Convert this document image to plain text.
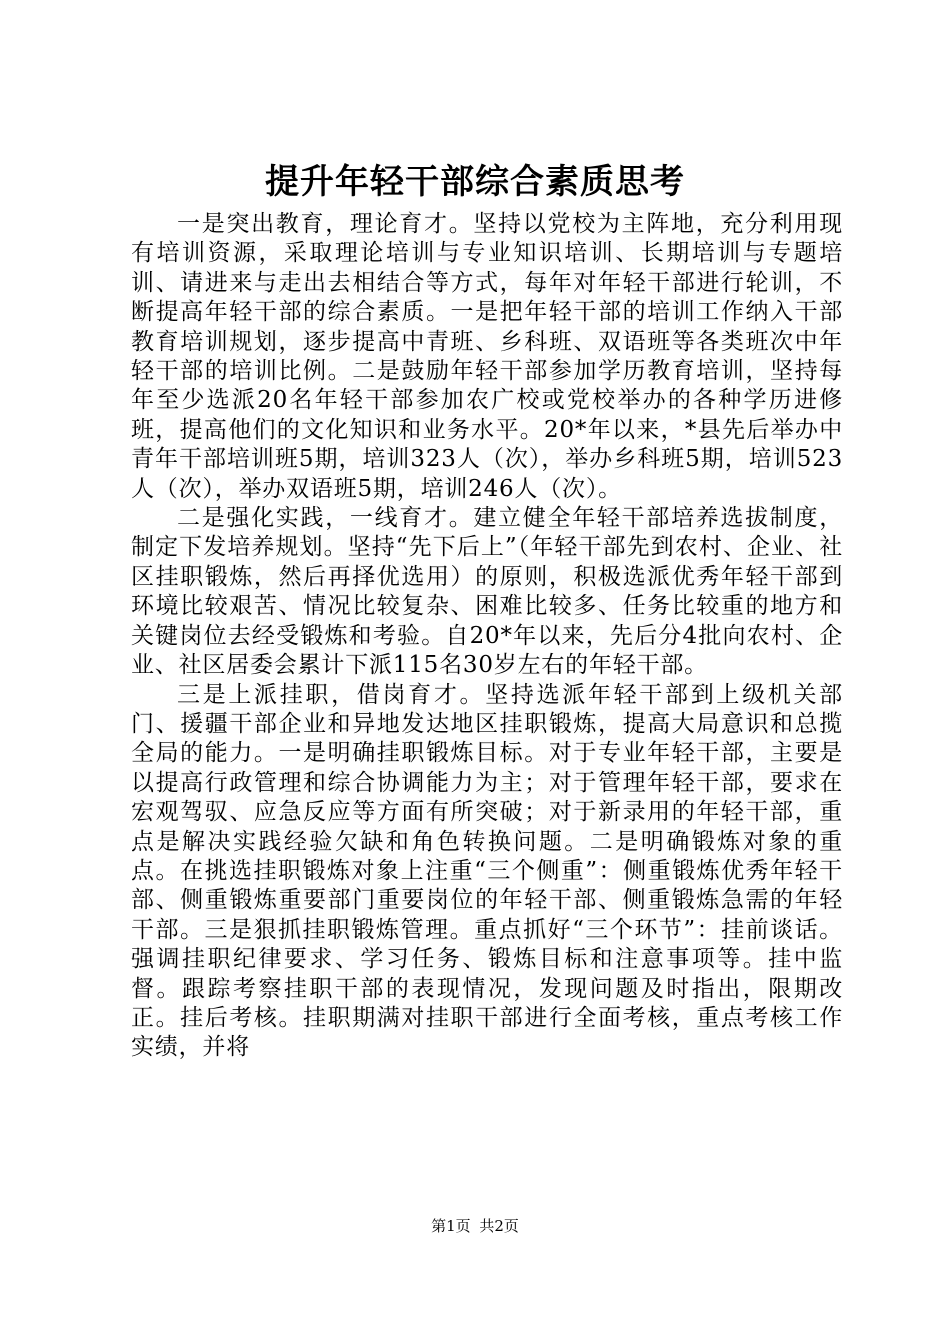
提升年轻干部综合素质思考

一是突出教育，理论育才。坚持以党校为主阵地，充分利用现有培训资源，采取理论培训与专业知识培训、长期培训与专题培训、请进来与走出去相结合等方式，每年对年轻干部进行轮训，不断提高年轻干部的综合素质。一是把年轻干部的培训工作纳入干部教育培训规划，逐步提高中青班、乡科班、双语班等各类班次中年轻干部的培训比例。二是鼓励年轻干部参加学历教育培训，坚持每年至少选派20名年轻干部参加农广校或党校举办的各种学历进修班，提高他们的文化知识和业务水平。20*年以来，*县先后举办中青年干部培训班5期，培训323人（次），举办乡科班5期，培训523人（次），举办双语班5期，培训246人（次）。

二是强化实践，一线育才。建立健全年轻干部培养选拔制度，制定下发培养规划。坚持“先下后上”（年轻干部先到农村、企业、社区挂职锻炼，然后再择优选用）的原则，积极选派优秀年轻干部到环境比较艰苦、情况比较复杂、困难比较多、任务比较重的地方和关键岗位去经受锻炼和考验。自20*年以来，先后分4批向农村、企业、社区居委会累计下派115名30岁左右的年轻干部。

三是上派挂职，借岗育才。坚持选派年轻干部到上级机关部门、援疆干部企业和异地发达地区挂职锻炼，提高大局意识和总揽全局的能力。一是明确挂职锻炼目标。对于专业年轻干部，主要是以提高行政管理和综合协调能力为主；对于管理年轻干部，要求在宏观驾驭、应急反应等方面有所突破；对于新录用的年轻干部，重点是解决实践经验欠缺和角色转换问题。二是明确锻炼对象的重点。在挑选挂职锻炼对象上注重“三个侧重”：侧重锻炼优秀年轻干部、侧重锻炼重要部门重要岗位的年轻干部、侧重锻炼急需的年轻干部。三是狠抓挂职锻炼管理。重点抓好“三个环节”：挂前谈话。强调挂职纪律要求、学习任务、锻炼目标和注意事项等。挂中监督。跟踪考察挂职干部的表现情况，发现问题及时指出，限期改正。挂后考核。挂职期满对挂职干部进行全面考核，重点考核工作实绩，并将

第1页 共2页
